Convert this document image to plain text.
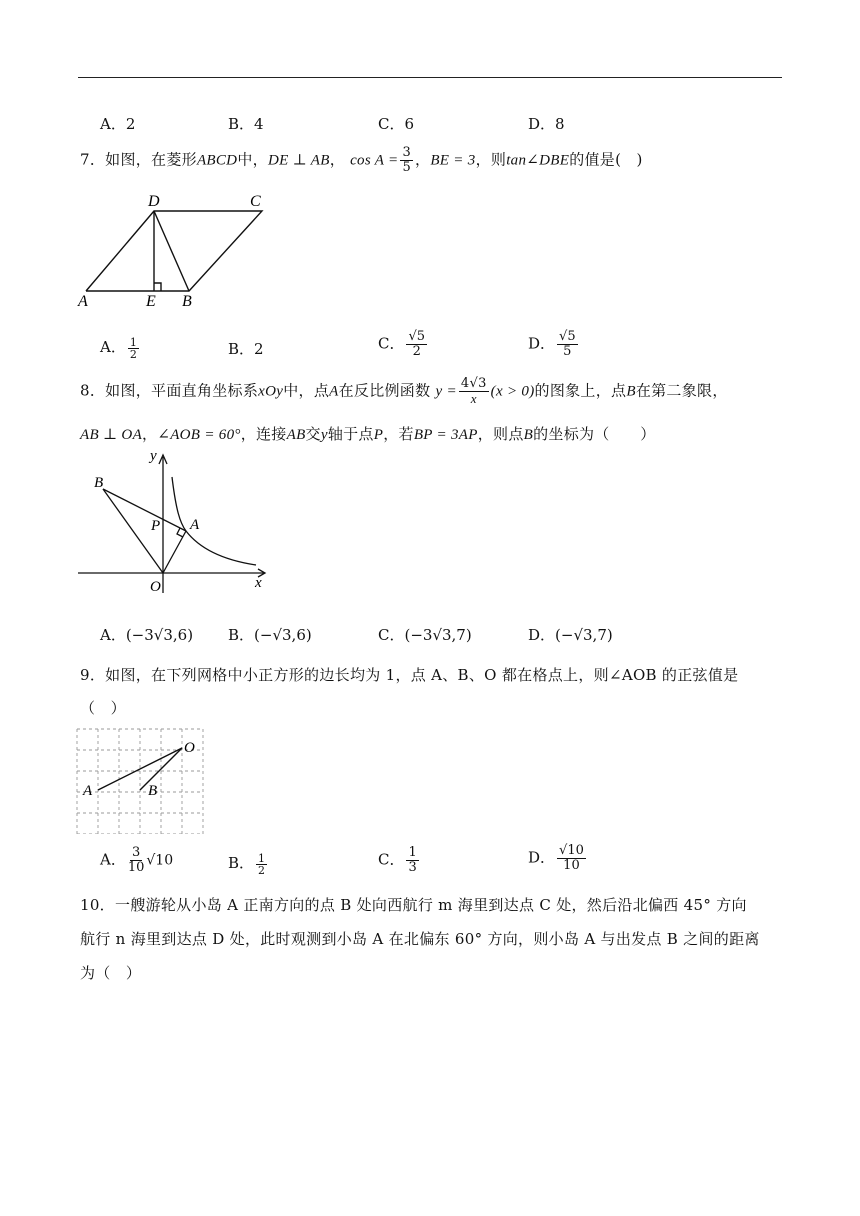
A．2	B．4	C．6	D．8
7．如图，在菱形ABCD中，DE ⊥ AB， $\cos A = \frac{3}{5}$ ，BE = 3，则tan∠DBE的值是(　)
A
D	C
E B
A． $\frac{1}{2}$	B．2	C． $\frac{√5}{2}$	D． $\frac{√5}{5}$
8．如图，平面直角坐标系xOy中，点A在反比例函数 $y = \frac{4√3}{x} (x > 0)$的图象上，点B在第二象限，
AB ⊥ OA，∠AOB = 60°，连接AB交y轴于点P，若BP = 3AP，则点B的坐标为（　　）
y
x
B
P A
O
A．(−3√3,6) B．(−√3,6)	C．(−3√3,7)	D．(−√3,7)
9．如图，在下列网格中小正方形的边长均为 1，点 A、B、O 都在格点上，则∠AOB 的正弦值是
（　）
A	B
O
A． $\frac{3}{10} √10$	B． $\frac{1}{2}$	C． $\frac{1}{3}$	D． $\frac{√10}{10}$
10．一艘游轮从小岛 A 正南方向的点 B 处向西航行 m 海里到达点 C 处，然后沿北偏西 45° 方向
航行 n 海里到达点 D 处，此时观测到小岛 A 在北偏东 60° 方向，则小岛 A 与出发点 B 之间的距离
为（　）
